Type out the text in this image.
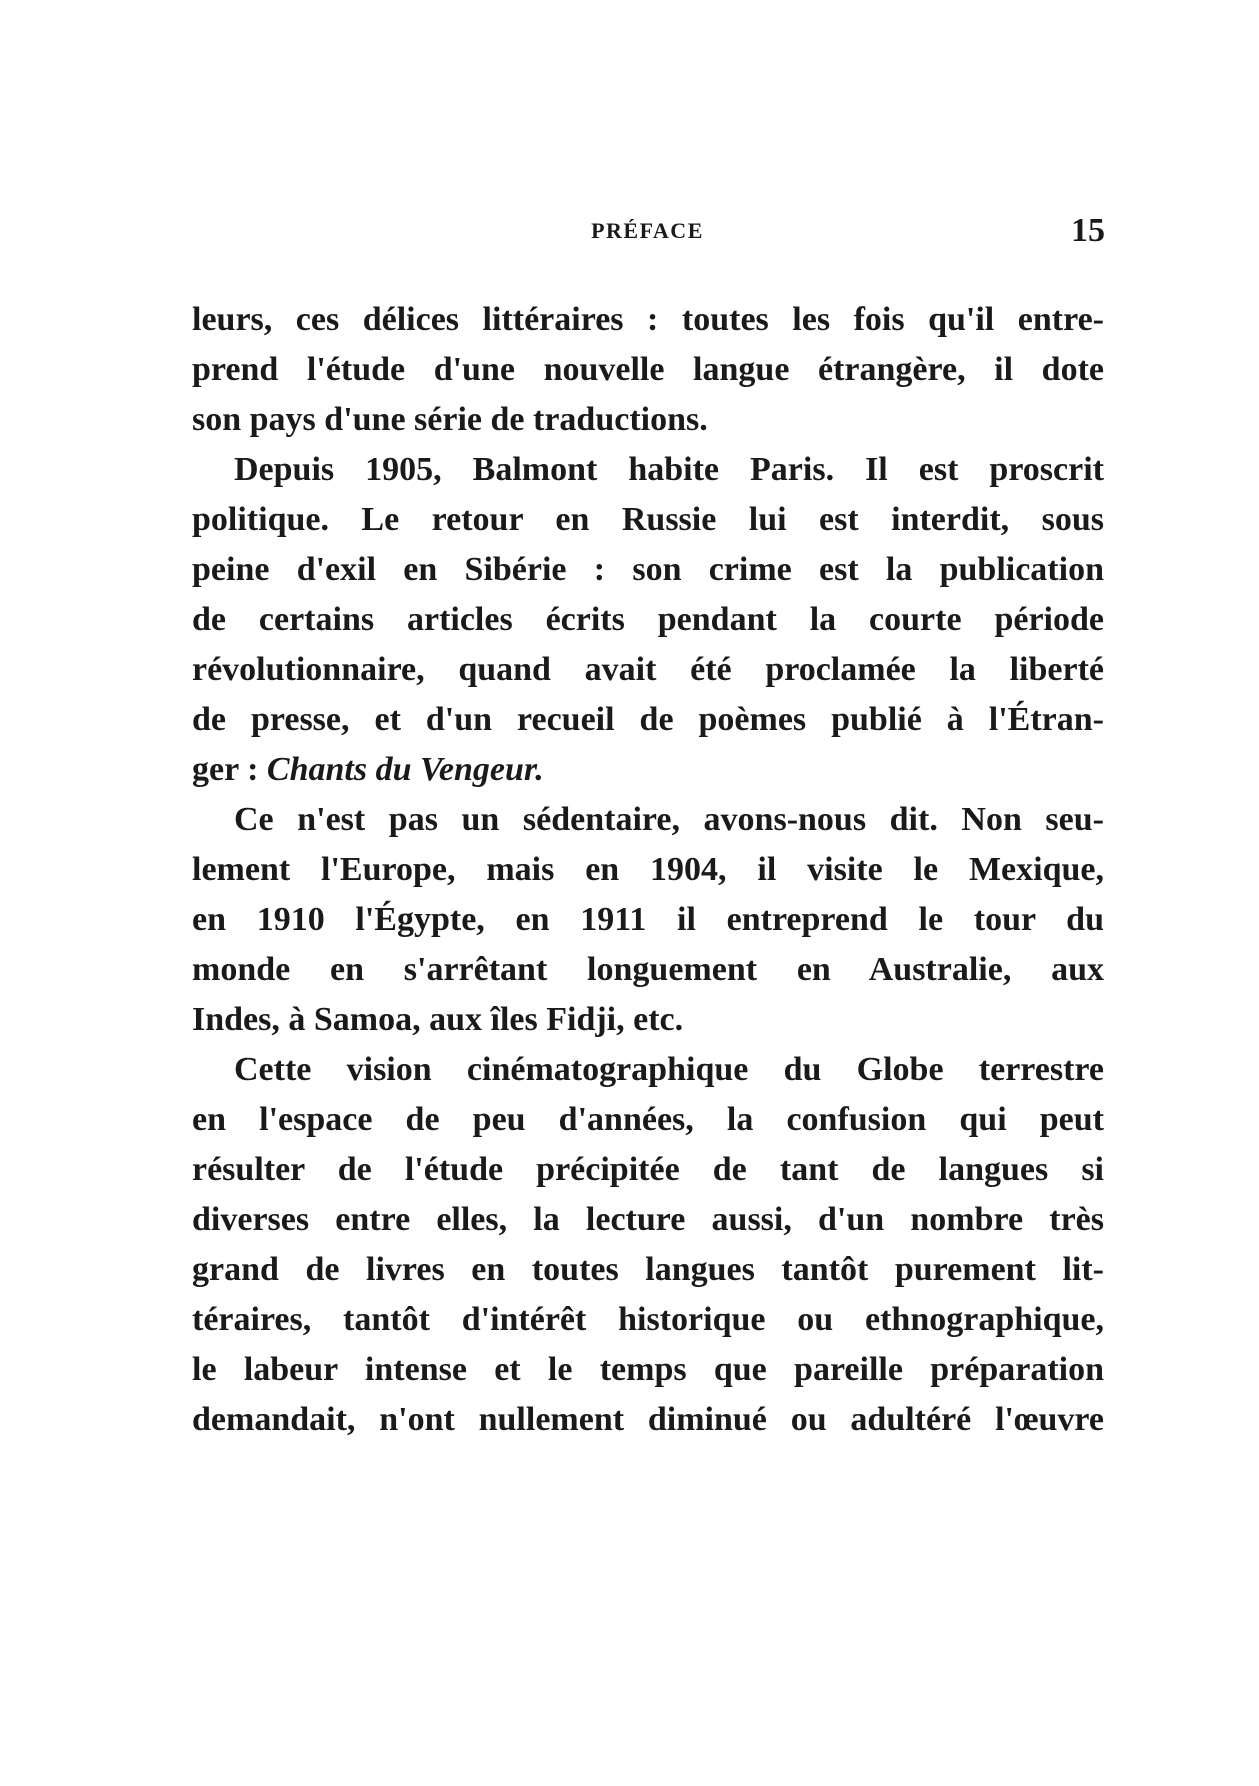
PRÉFACE	15
leurs, ces délices littéraires : toutes les fois qu'il entre-
prend l'étude d'une nouvelle langue étrangère, il dote
son pays d'une série de traductions.
Depuis 1905, Balmont habite Paris. Il est proscrit
politique. Le retour en Russie lui est interdit, sous
peine d'exil en Sibérie : son crime est la publication
de certains articles écrits pendant la courte période
révolutionnaire, quand avait été proclamée la liberté
de presse, et d'un recueil de poèmes publié à l'Étran-
ger : Chants du Vengeur.
Ce n'est pas un sédentaire, avons-nous dit. Non seu-
lement l'Europe, mais en 1904, il visite le Mexique,
en 1910 l'Égypte, en 1911 il entreprend le tour du
monde en s'arrêtant longuement en Australie, aux
Indes, à Samoa, aux îles Fidji, etc.
Cette vision cinématographique du Globe terrestre
en l'espace de peu d'années, la confusion qui peut
résulter de l'étude précipitée de tant de langues si
diverses entre elles, la lecture aussi, d'un nombre très
grand de livres en toutes langues tantôt purement lit-
téraires, tantôt d'intérêt historique ou ethnographique,
le labeur intense et le temps que pareille préparation
demandait, n'ont nullement diminué ou adultéré l'œuvre
